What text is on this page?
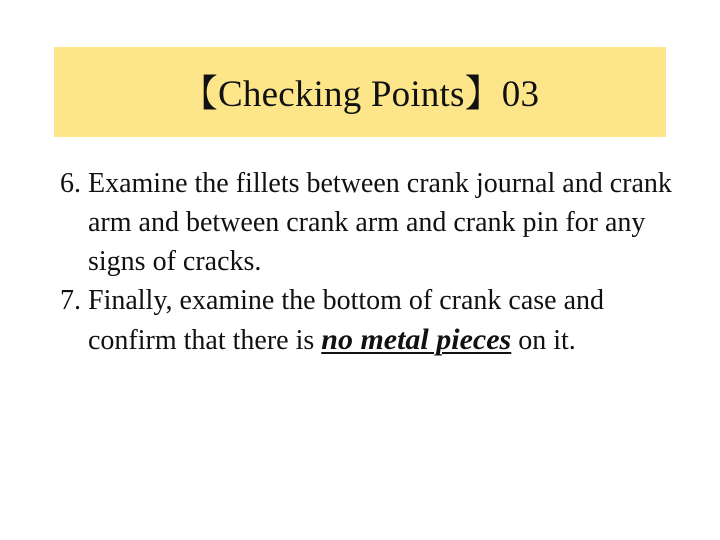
【Checking Points】03

6. Examine the fillets between crank journal and crank arm and between crank arm and crank pin for any signs of cracks.

7. Finally, examine the bottom of crank case and confirm that there is no metal pieces on it.
